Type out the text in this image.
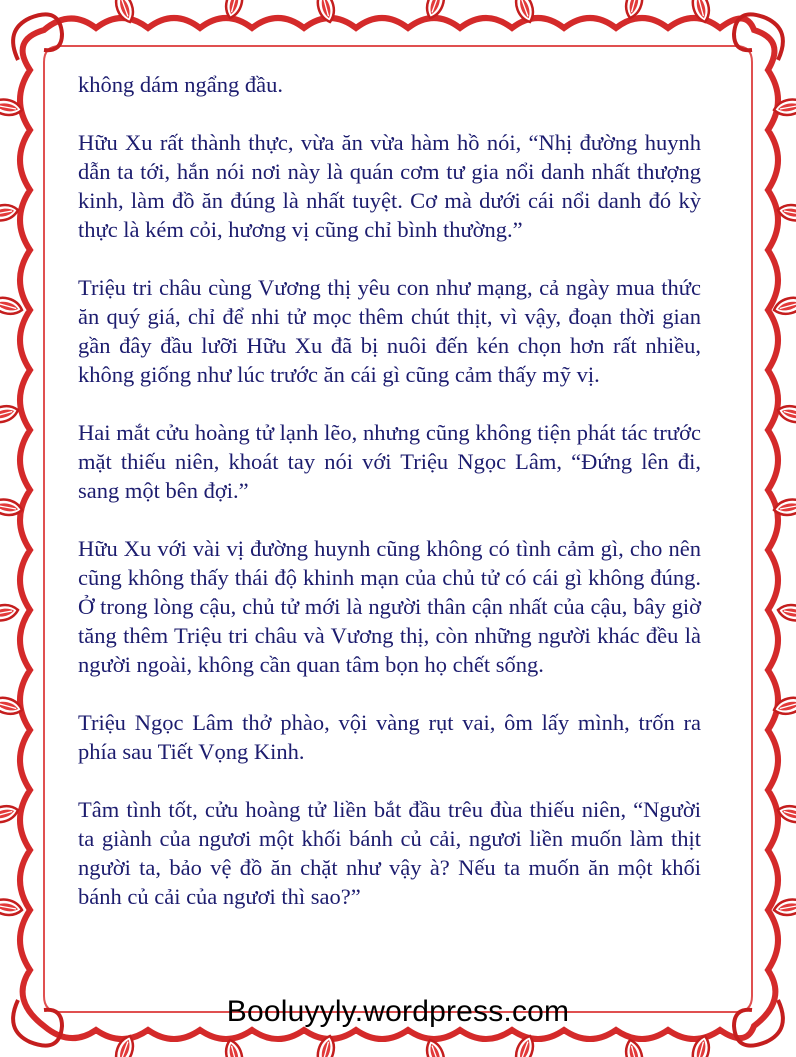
không dám ngẩng đầu.

Hữu Xu rất thành thực, vừa ăn vừa hàm hồ nói, “Nhị đường huynh dẫn ta tới, hắn nói nơi này là quán cơm tư gia nổi danh nhất thượng kinh, làm đồ ăn đúng là nhất tuyệt. Cơ mà dưới cái nổi danh đó kỳ thực là kém cỏi, hương vị cũng chỉ bình thường.”

Triệu tri châu cùng Vương thị yêu con như mạng, cả ngày mua thức ăn quý giá, chỉ để nhi tử mọc thêm chút thịt, vì vậy, đoạn thời gian gần đây đầu lưỡi Hữu Xu đã bị nuôi đến kén chọn hơn rất nhiều, không giống như lúc trước ăn cái gì cũng cảm thấy mỹ vị.

Hai mắt cửu hoàng tử lạnh lẽo, nhưng cũng không tiện phát tác trước mặt thiếu niên, khoát tay nói với Triệu Ngọc Lâm, “Đứng lên đi, sang một bên đợi.”

Hữu Xu với vài vị đường huynh cũng không có tình cảm gì, cho nên cũng không thấy thái độ khinh mạn của chủ tử có cái gì không đúng. Ở trong lòng cậu, chủ tử mới là người thân cận nhất của cậu, bây giờ tăng thêm Triệu tri châu và Vương thị, còn những người khác đều là người ngoài, không cần quan tâm bọn họ chết sống.

Triệu Ngọc Lâm thở phào, vội vàng rụt vai, ôm lấy mình, trốn ra phía sau Tiết Vọng Kinh.

Tâm tình tốt, cửu hoàng tử liền bắt đầu trêu đùa thiếu niên, “Người ta giành của ngươi một khối bánh củ cải, ngươi liền muốn làm thịt người ta, bảo vệ đồ ăn chặt như vậy à? Nếu ta muốn ăn một khối bánh củ cải của ngươi thì sao?”

Booluyyly.wordpress.com
